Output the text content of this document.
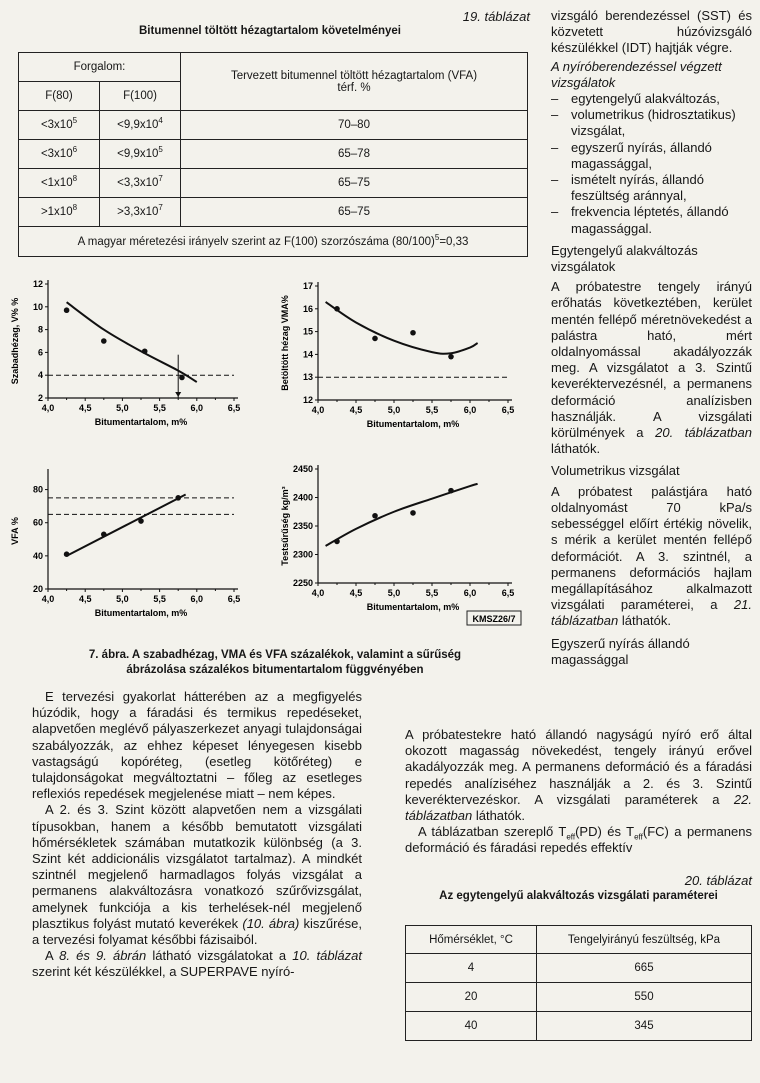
19. táblázat
Bitumennel töltött hézagtartalom követelményei
Forgalom:		Tervezett bitumennel töltött hézagtartalom (VFA)
térf. %
F(80)	F(100)	
$<3x10^5$	$<9,9x10^4$	70–80
$<3x10^6$	$<9,9x10^5$	65–78
$<1x10^8$	$<3,3x10^7$	65–75
$>1x10^8$	$>3,3x10^7$	65–75
A magyar méretezési irányelv szerint az F(100) szorzószáma $(80/100)^5=0,33$		
4,0	4,5	5,0	5,5	6,0	6,5
2
4
6
8
10
12
Bitumentartalom, m%
Szabadhézag, V% %
4,0	4,5	5,0	5,5	6,0	6,5
12
13
14
15
16
17
Bitumentartalom, m%
Betöltött hézag VMA%
4,0	4,5	5,0	5,5	6,0	6,5
20
40
60
80
Bitumentartalom, m%
VFA %
4,0	4,5	5,0	5,5	6,0	6,5
2250
2300
2350
2400
2450
Bitumentartalom, m%
Testsűrűség kg/m³
KMSZ26/7
7. ábra. A szabadhézag, VMA és VFA százalékok, valamint a sűrűség
ábrázolása százalékos bitumentartalom függvényében

E tervezési gyakorlat hátterében az a megfigyelés húzódik, hogy a fáradási és termikus repedéseket, alapvetően meglévő pályaszerkezet anyagi tulajdonságai szabályozzák, az ehhez képeset lényegesen kisebb vastagságú kopóréteg, (esetleg kötőréteg) e tulajdonságokat megváltoztatni – főleg az esetleges reflexiós repedések megjelenése miatt – nem képes.

A 2. és 3. Szint között alapvetően nem a vizsgálati típusokban, hanem a később bemutatott vizsgálati hőmérsékletek számában mutatkozik különbség (a 3. Szint két addicionális vizsgálatot tartalmaz). A mindkét szintnél megjelenő harmadlagos folyás vizsgálat a permanens alakváltozásra vonatkozó szűrővizsgálat, amelynek funkciója a kis terhelések-nél megjelenő plasztikus folyást mutató keverékek (10. ábra) kiszűrése, a tervezési folyamat későbbi fázisaiból.

A 8. és 9. ábrán látható vizsgálatokat a 10. táblázat szerint két készülékkel, a SUPERPAVE nyíró-

vizsgáló berendezéssel (SST) és közvetett húzóvizsgáló készülékkel (IDT) hajtják végre.

A nyíróberendezéssel végzett vizsgálatok

– egytengelyű alakváltozás,
– volumetrikus (hidrosztatikus) vizsgálat,
– egyszerű nyírás, állandó magassággal,
– ismételt nyírás, állandó feszültség aránnyal,
– frekvencia léptetés, állandó magassággal.

Egytengelyű alakváltozás vizsgálatok

A próbatestre tengely irányú erőhatás következtében, kerület mentén fellépő méretnövekedést a palástra ható, mért oldalnyomással akadályozzák meg. A vizsgálatot a 3. Szintű keveréktervezésnél, a permanens deformáció analízisben használják. A vizsgálati körülmények a 20. táblázatban láthatók.

Volumetrikus vizsgálat

A próbatest palástjára ható oldalnyomást 70 kPa/s sebességgel előírt értékig növelik, s mérik a kerület mentén fellépő deformációt. A 3. szintnél, a permanens deformációs hajlam megállapításához alkalmazott vizsgálati paraméterei, a 21. táblázatban láthatók.

Egyszerű nyírás állandó magassággal

A próbatestekre ható állandó nagyságú nyíró erő által okozott magasság növekedést, tengely irányú erővel akadályozzák meg. A permanens deformáció és a fáradási repedés analíziséhez használják a 2. és 3. Szintű keveréktervezéskor. A vizsgálati paraméterek a 22. táblázatban láthatók.

A táblázatban szereplő $T_{eff}(PD)$ és $T_{eff}(FC)$ a permanens deformáció és fáradási repedés effektív

20. táblázat
Az egytengelyű alakváltozás vizsgálati paraméterei
Hőmérséklet, °C	Tengelyirányú feszültség, kPa
4	665
20	550
40	345
